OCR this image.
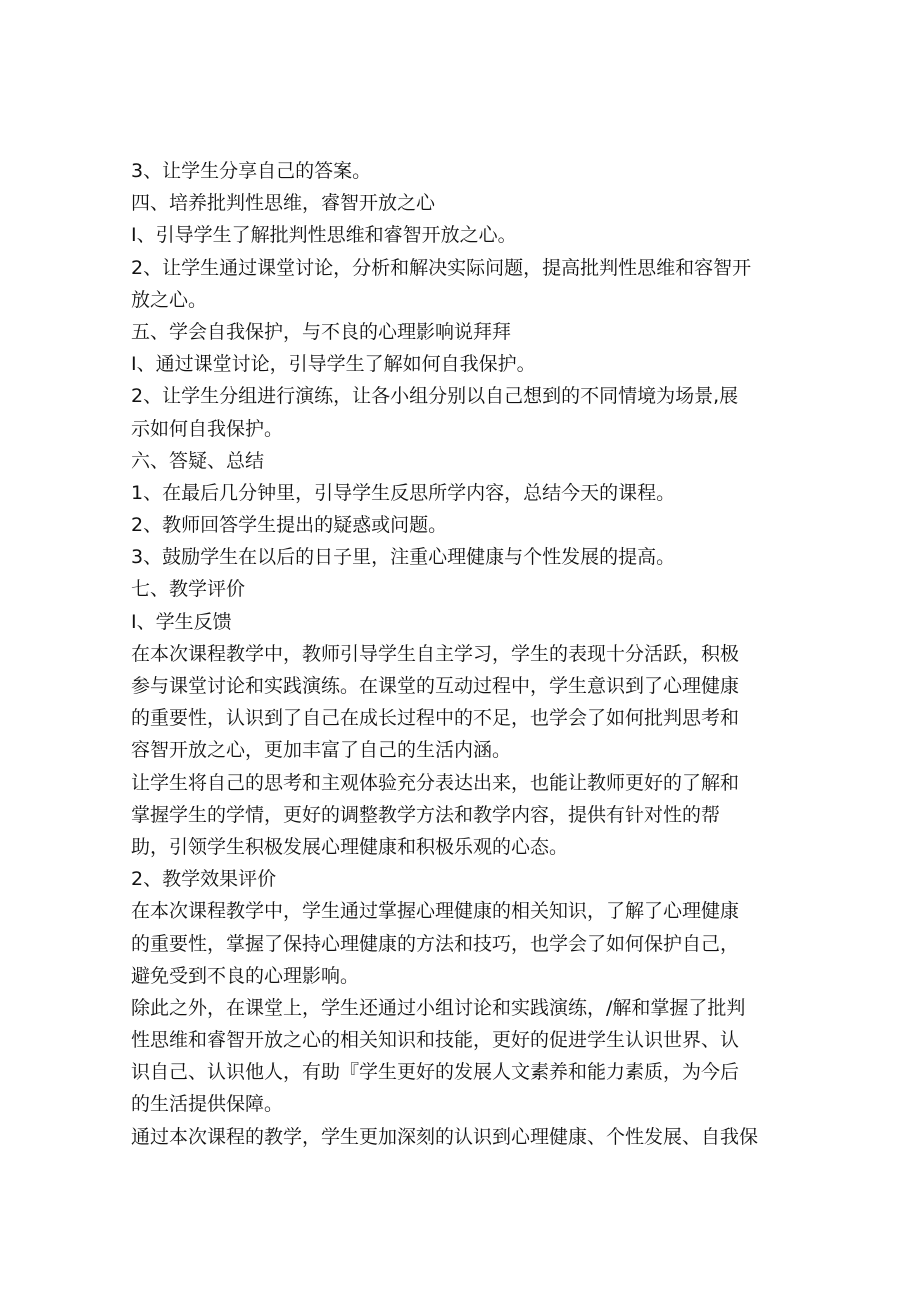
3、让学生分享自己的答案。
四、培养批判性思维，睿智开放之心
I、引导学生了解批判性思维和睿智开放之心。
2、让学生通过课堂讨论，分析和解决实际问题，提高批判性思维和容智开
放之心。
五、学会自我保护，与不良的心理影响说拜拜
I、通过课堂讨论，引导学生了解如何自我保护。
2、让学生分组进行演练，让各小组分别以自己想到的不同情境为场景,展
示如何自我保护。
六、答疑、总结
1、在最后几分钟里，引导学生反思所学内容，总结今天的课程。
2、教师回答学生提出的疑惑或问题。
3、鼓励学生在以后的日子里，注重心理健康与个性发展的提高。
七、教学评价
I、学生反馈
在本次课程教学中，教师引导学生自主学习，学生的表现十分活跃，积极
参与课堂讨论和实践演练。在课堂的互动过程中，学生意识到了心理健康
的重要性，认识到了自己在成长过程中的不足，也学会了如何批判思考和
容智开放之心，更加丰富了自己的生活内涵。
让学生将自己的思考和主观体验充分表达出来，也能让教师更好的了解和
掌握学生的学情，更好的调整教学方法和教学内容，提供有针对性的帮
助，引领学生积极发展心理健康和积极乐观的心态。
2、教学效果评价
在本次课程教学中，学生通过掌握心理健康的相关知识，了解了心理健康
的重要性，掌握了保持心理健康的方法和技巧，也学会了如何保护自己，
避免受到不良的心理影响。
除此之外，在课堂上，学生还通过小组讨论和实践演练，/解和掌握了批判
性思维和睿智开放之心的相关知识和技能，更好的促进学生认识世界、认
识自己、认识他人，有助『学生更好的发展人文素养和能力素质，为今后
的生活提供保障。
通过本次课程的教学，学生更加深刻的认识到心理健康、个性发展、自我保
